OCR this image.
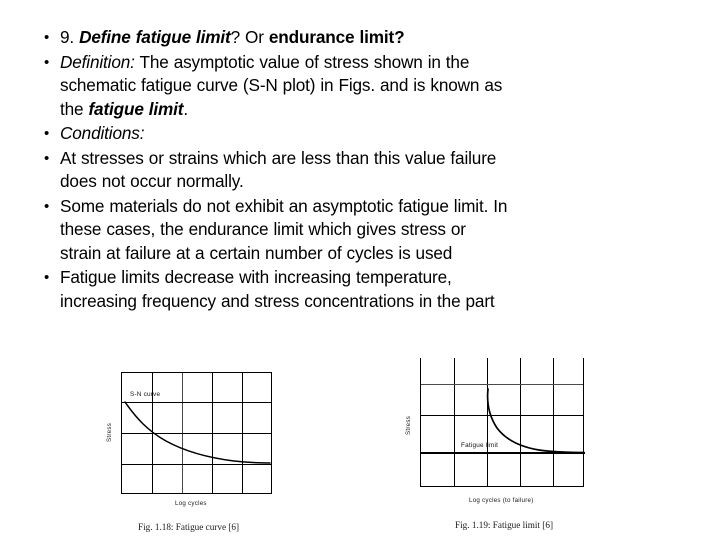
• 9. Define fatigue limit? Or endurance limit?
• Definition: The asymptotic value of stress shown in the schematic fatigue curve (S-N plot) in Figs. and is known as the fatigue limit.
• Conditions:
• At stresses or strains which are less than this value failure does not occur normally.
• Some materials do not exhibit an asymptotic fatigue limit. In these cases, the endurance limit which gives stress or strain at failure at a certain number of cycles is used
• Fatigue limits decrease with increasing temperature, increasing frequency and stress concentrations in the part
Stress
S-N curve
Log cycles
Fig. 1.18: Fatigue curve [6]
Stress
Fatigue limit
Log cycles (to failure)
Fig. 1.19: Fatigue limit [6]
